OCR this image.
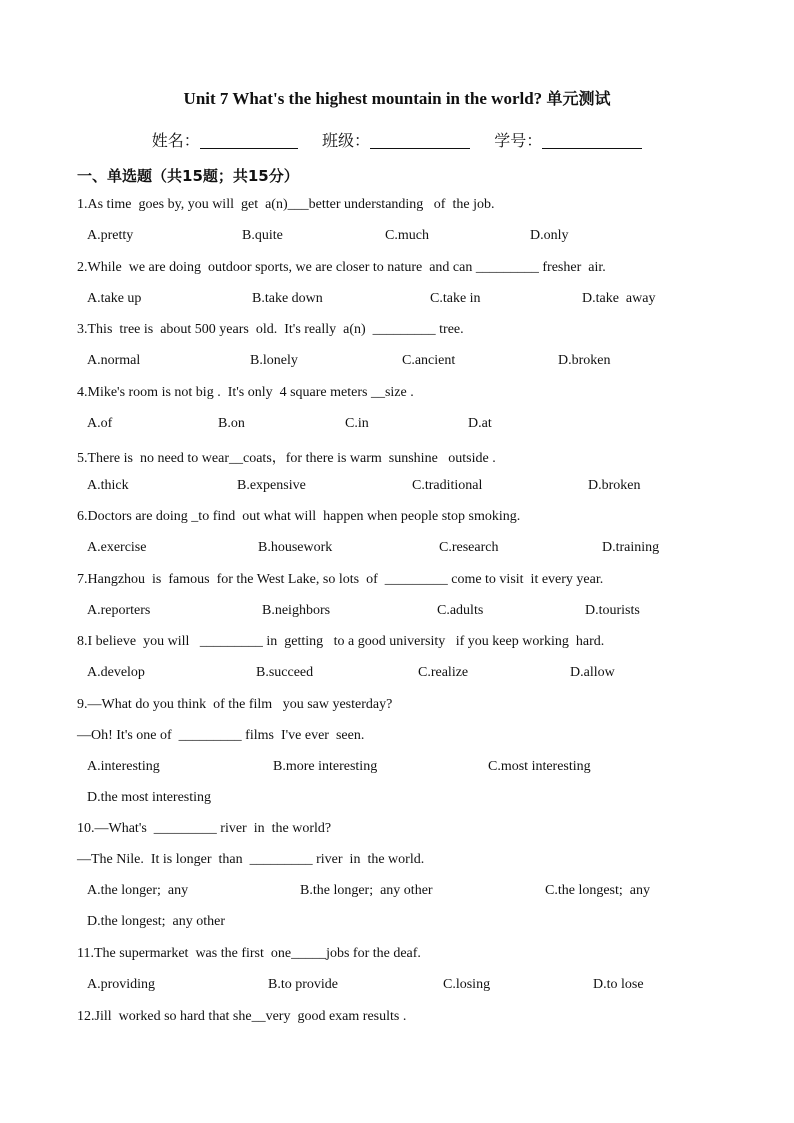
Unit 7 What's the highest mountain in the world? 单元测试
姓名：	班级：	学号：
一、单选题（共15题；共15分）
1.As time  goes by, you will  get  a(n)___better understanding   of  the job.
A.pretty	B.quite	C.much	D.only
2.While  we are doing  outdoor sports, we are closer to nature  and can _________ fresher  air.
A.take up	B.take down	C.take in	D.take  away
3.This  tree is  about 500 years  old.  It's really  a(n)  _________ tree.
A.normal	B.lonely	C.ancient	D.broken
4.Mike's room is not big .  It's only  4 square meters __size .
A.of	B.on	C.in	D.at
5.There is  no need to wear__coats，for there is warm  sunshine   outside .
A.thick	B.expensive	C.traditional	D.broken
6.Doctors are doing _to find  out what will  happen when people stop smoking.
A.exercise	B.housework	C.research	D.training
7.Hangzhou  is  famous  for the West Lake, so lots  of  _________ come to visit  it every year.
A.reporters	B.neighbors	C.adults	D.tourists
8.I believe  you will   _________ in  getting   to a good university   if you keep working  hard.
A.develop	B.succeed	C.realize	D.allow
9.—What do you think  of the film   you saw yesterday?
—Oh! It's one of  _________ films  I've ever  seen.
A.interesting	B.more interesting	C.most interesting
D.the most interesting
10.—What's  _________ river  in  the world?
—The Nile.  It is longer  than  _________ river  in  the world.
A.the longer;  any	B.the longer;  any other	C.the longest;  any
D.the longest;  any other
11.The supermarket  was the first  one_____jobs for the deaf.
A.providing	B.to provide	C.losing	D.to lose
12.Jill  worked so hard that she__very  good exam results .
